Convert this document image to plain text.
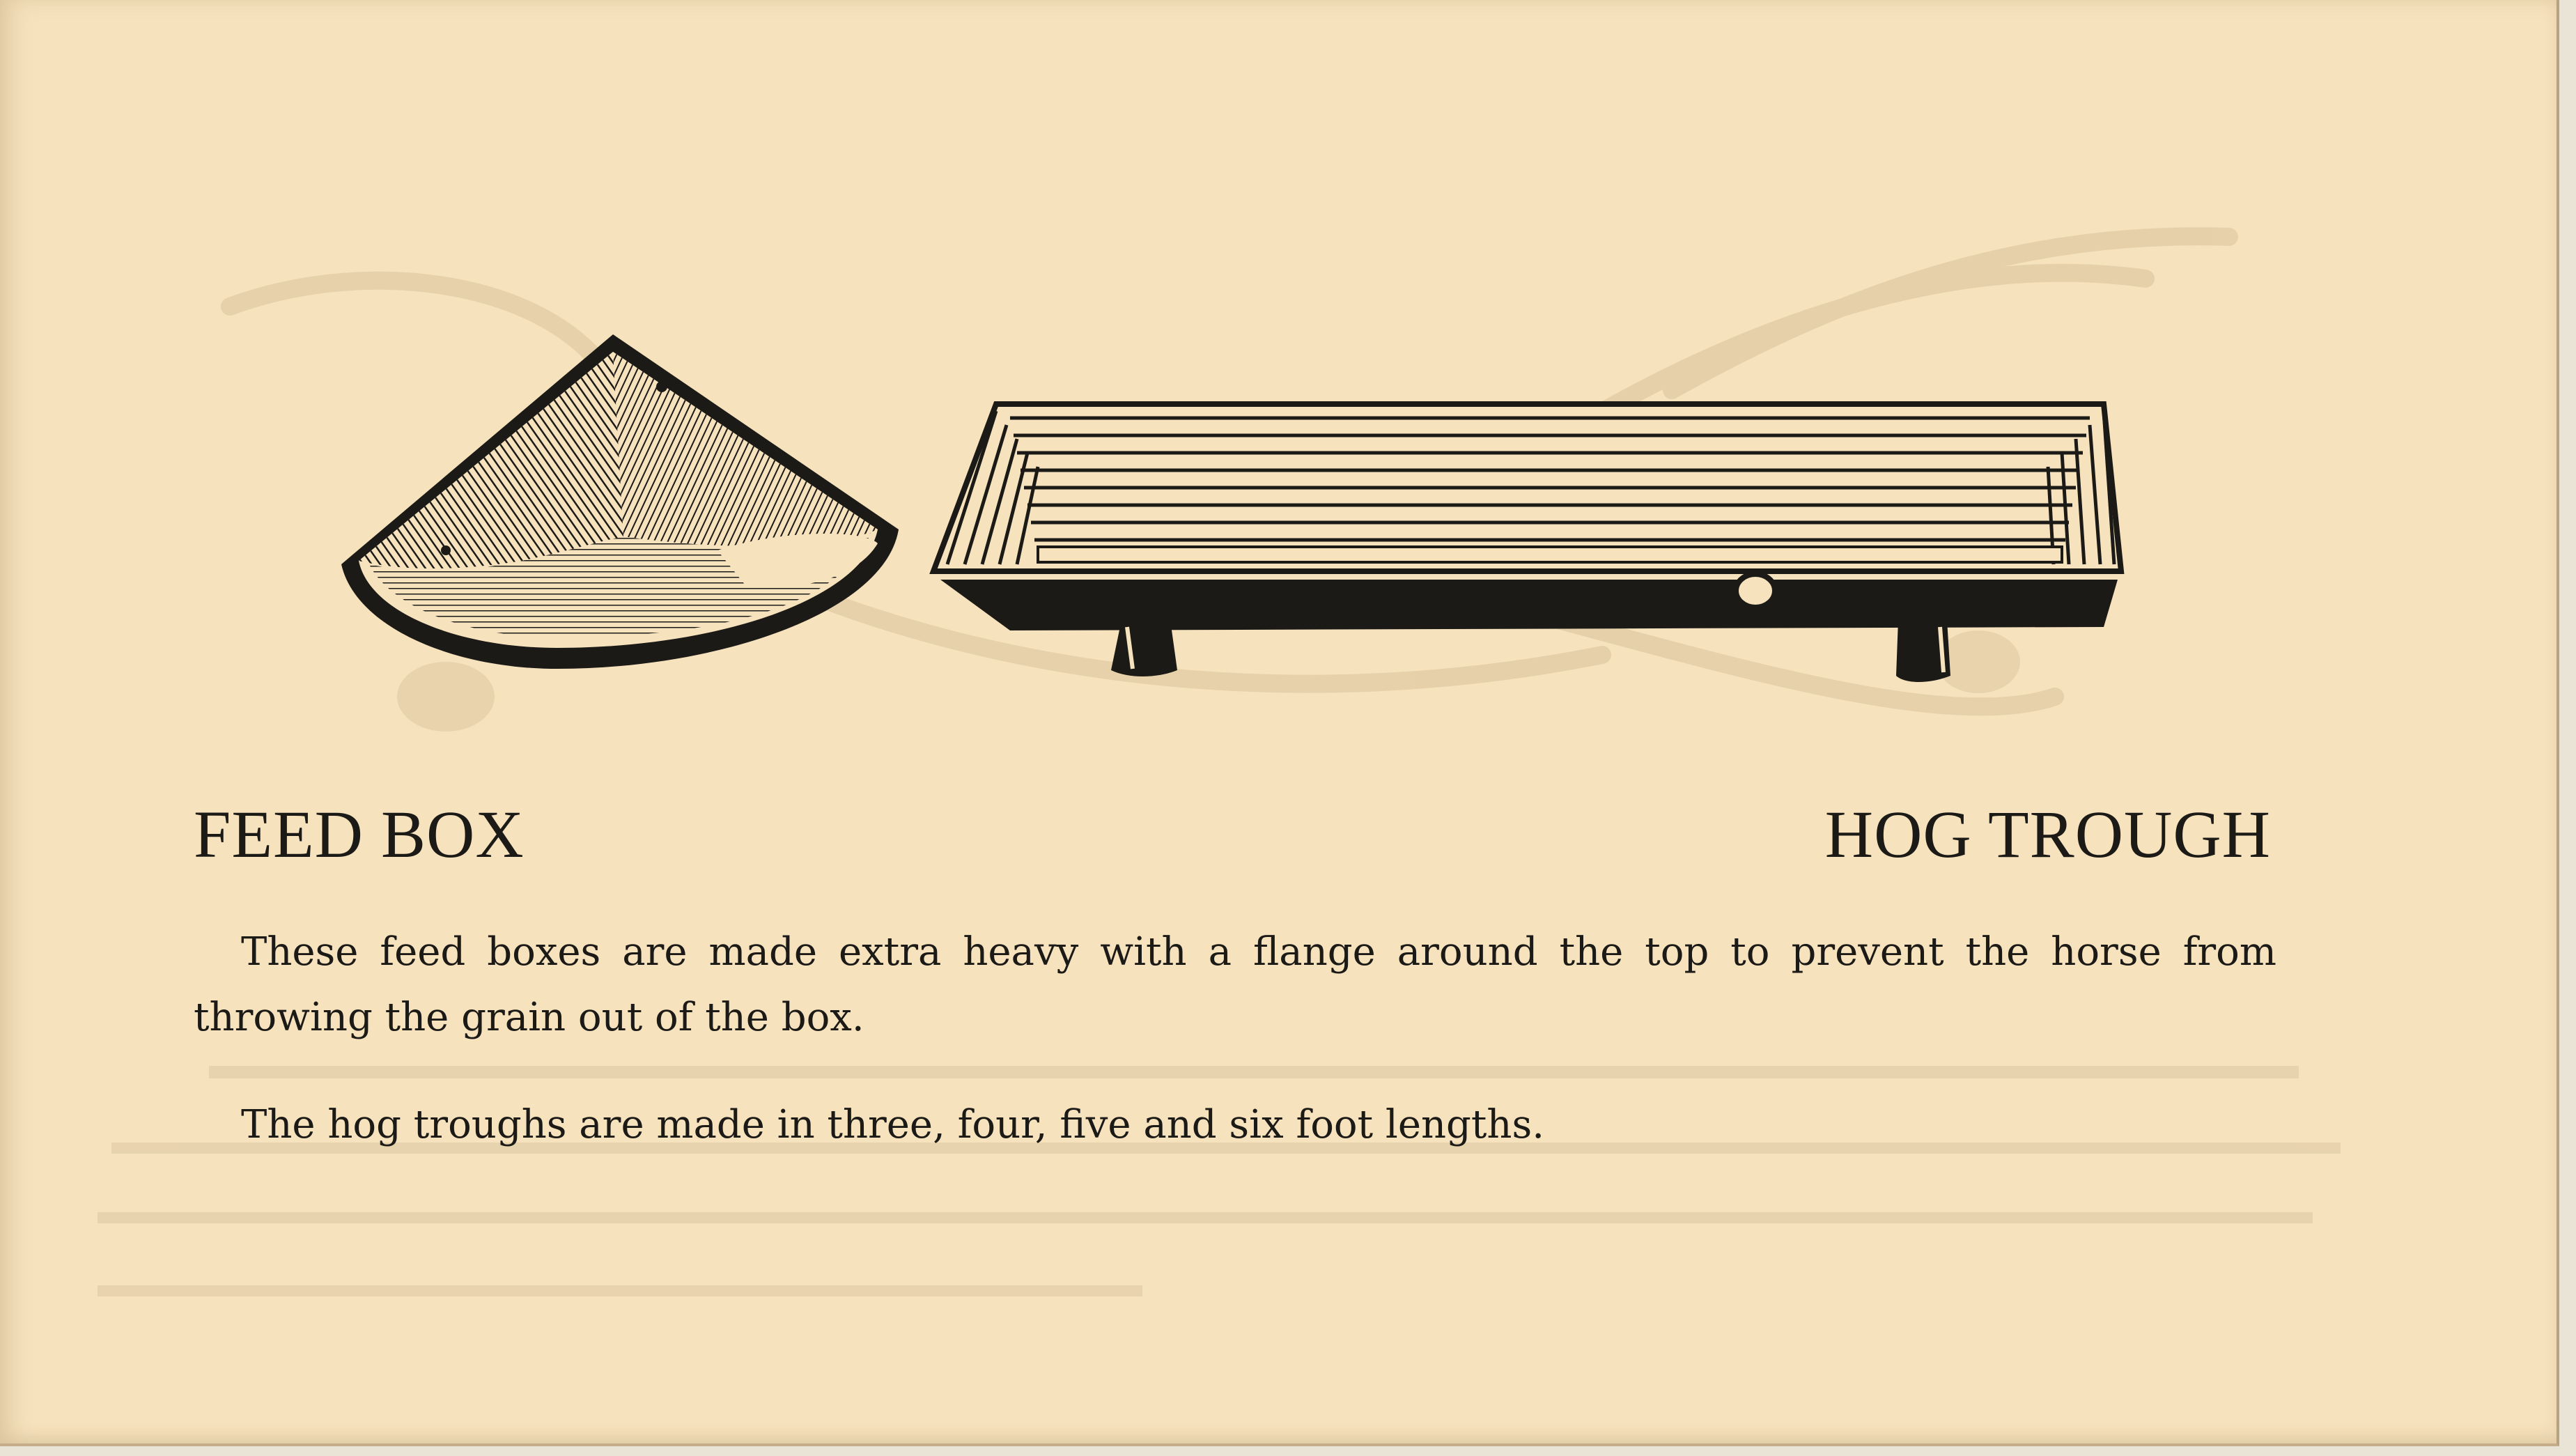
FEED BOX	HOG TROUGH

These feed boxes are made extra heavy with a flange around the top to prevent the horse from throwing the grain out of the box.

The hog troughs are made in three, four, five and six foot lengths.
